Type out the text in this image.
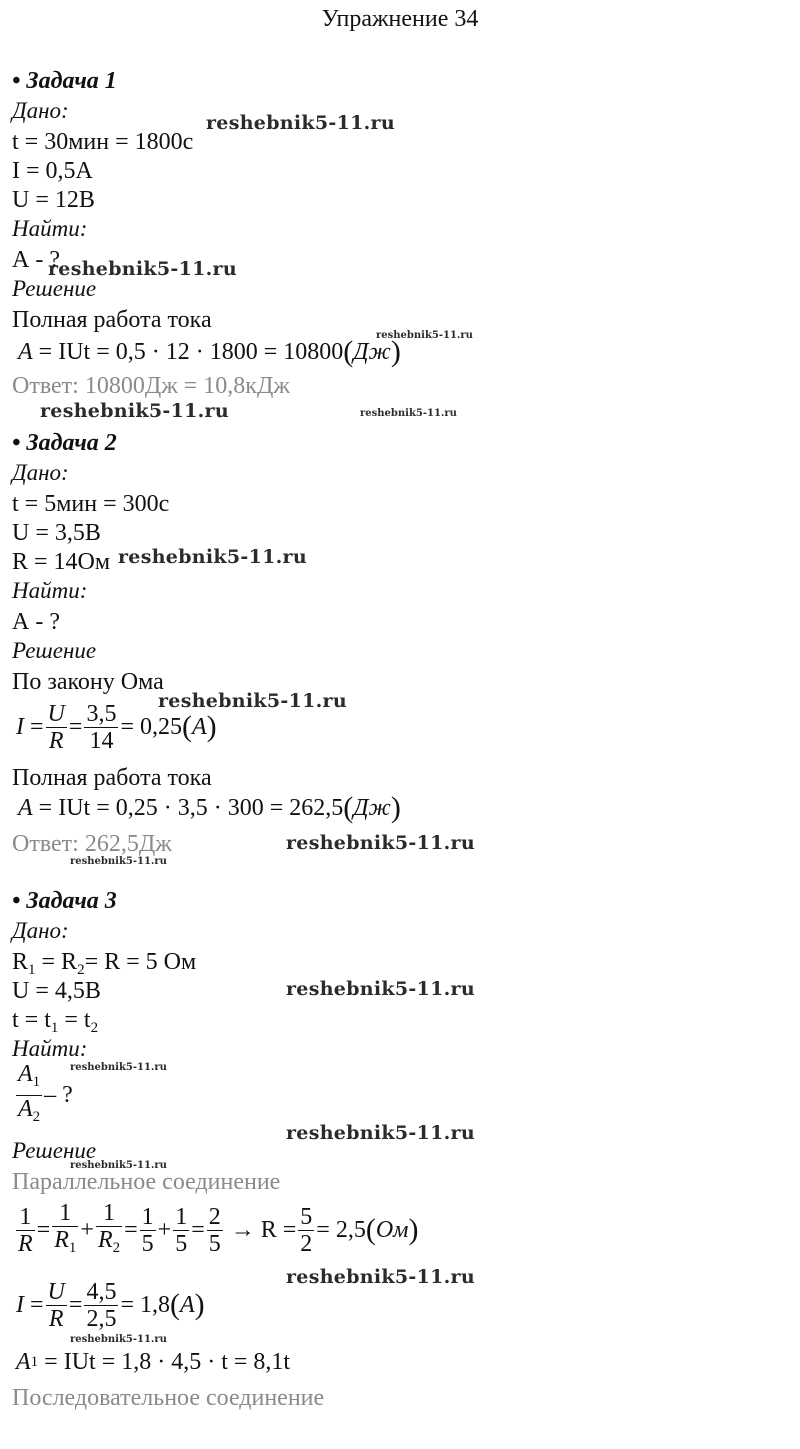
Упражнение 34
• Задача 1
Дано:
t = 30мин = 1800с
I = 0,5А
U = 12В
Найти:
А - ?
Решение
Полная работа тока
A
= IUt
= 0,5 · 12 · 1800
= 10800 ( Дж )
Ответ: 10800Дж = 10,8кДж
• Задача 2
Дано:
t = 5мин = 300с
U = 3,5В
R = 14Ом
Найти:
А - ?
Решение
По закону Ома
$I = \frac{U}{R} = \frac{3,5}{14} = 0,25$ ( A )
Полная работа тока
A
= IUt
= 0,25 · 3,5 · 300
= 262,5 ( Дж )
Ответ: 262,5Дж
• Задача 3
Дано:
$R_1 = R_2= R = 5$ Ом
U = 4,5В
$t = t_1 = t_2$
Найти:
$\frac{A_1}{A_2}$ – ?
Решение
Параллельное соединение
$\frac{1}{R} = \frac{1}{R_1} + \frac{1}{R_2} = \frac{1}{5} + \frac{1}{5} = \frac{2}{5}$
→ $R = \frac{5}{2} = 2,5$ ( Ом )
$I = \frac{U}{R} = \frac{4,5}{2,5} = 1,8$ ( A )
A 1
= IUt = 1,8 · 4,5 · t = 8,1t
Последовательное соединение
reshebnik5-11.ru
reshebnik5-11.ru
reshebnik5-11.ru
reshebnik5-11.ru	reshebnik5-11.ru
reshebnik5-11.ru
reshebnik5-11.ru
reshebnik5-11.ru
reshebnik5-11.ru
reshebnik5-11.ru
reshebnik5-11.ru
reshebnik5-11.ru
reshebnik5-11.ru
reshebnik5-11.ru
reshebnik5-11.ru
